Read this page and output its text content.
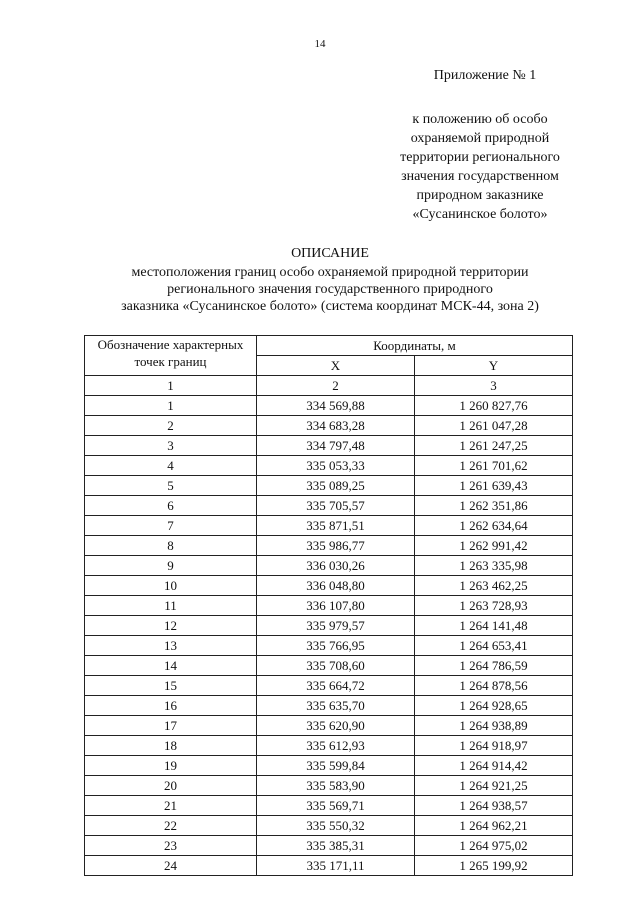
14
Приложение № 1
к положению об особо
охраняемой природной
территории регионального
значения государственном
природном заказнике
«Сусанинское болото»
ОПИСАНИЕ
местоположения границ особо охраняемой природной территории
регионального значения государственного природного
заказника «Сусанинское болото» (система координат МСК-44, зона 2)
Обозначение характерных точек границ	Координаты, м	
	X	Y
1	2	3
1	334 569,88	1 260 827,76
2	334 683,28	1 261 047,28
3	334 797,48	1 261 247,25
4	335 053,33	1 261 701,62
5	335 089,25	1 261 639,43
6	335 705,57	1 262 351,86
7	335 871,51	1 262 634,64
8	335 986,77	1 262 991,42
9	336 030,26	1 263 335,98
10	336 048,80	1 263 462,25
11	336 107,80	1 263 728,93
12	335 979,57	1 264 141,48
13	335 766,95	1 264 653,41
14	335 708,60	1 264 786,59
15	335 664,72	1 264 878,56
16	335 635,70	1 264 928,65
17	335 620,90	1 264 938,89
18	335 612,93	1 264 918,97
19	335 599,84	1 264 914,42
20	335 583,90	1 264 921,25
21	335 569,71	1 264 938,57
22	335 550,32	1 264 962,21
23	335 385,31	1 264 975,02
24	335 171,11	1 265 199,92
